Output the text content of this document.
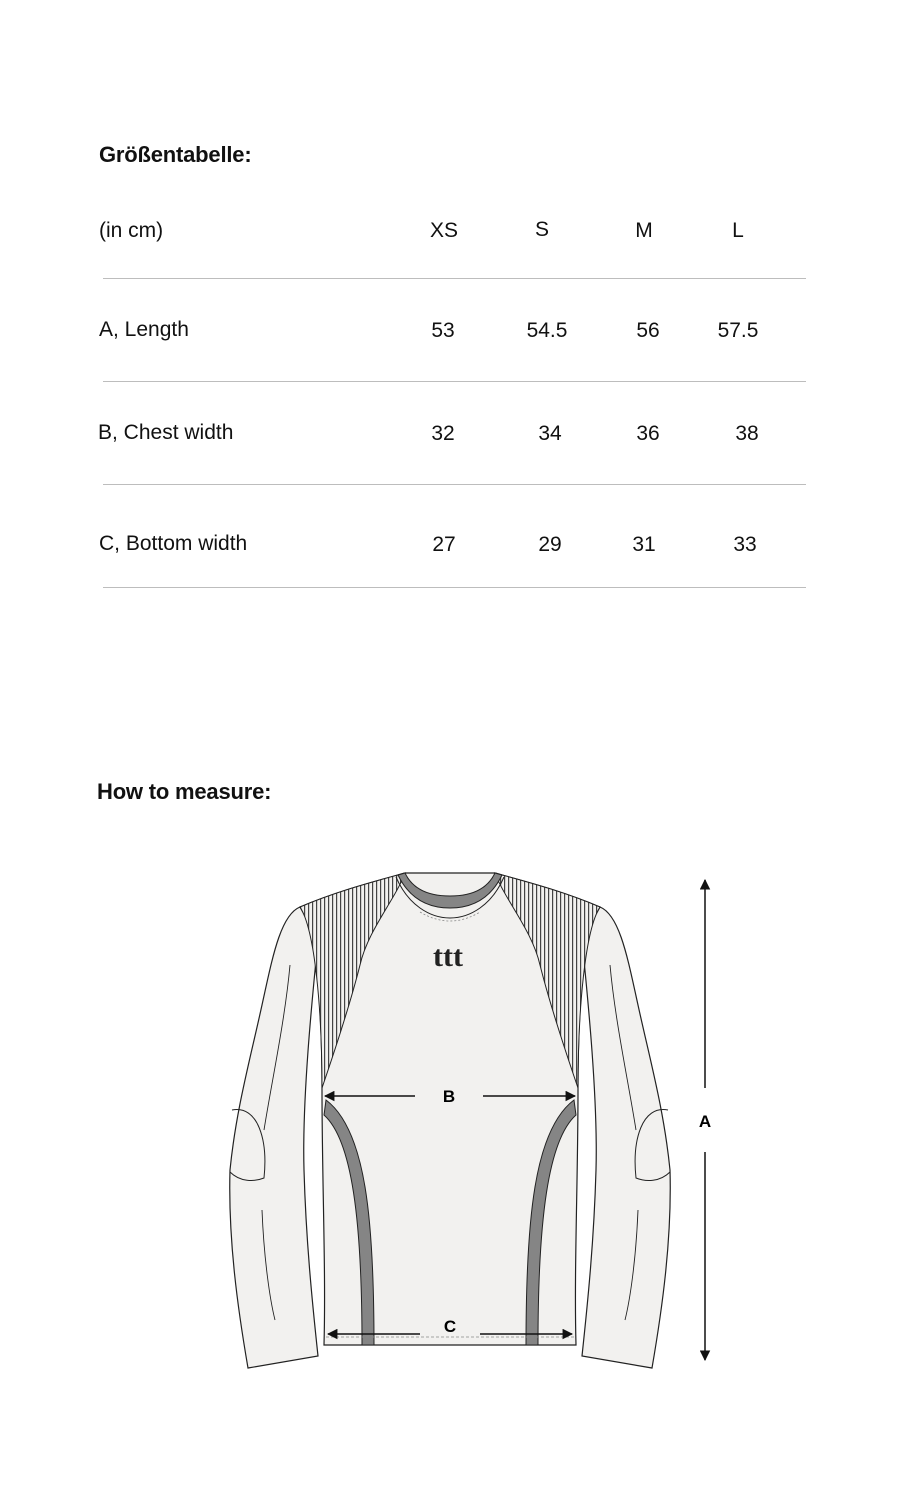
Größentabelle:
(in cm)	XS	S	M	L
A, Length	53	54.5	56	57.5
B, Chest width	32	34	36	38
C, Bottom width	27	29	31	33
How to measure:
ttt
B
C
A
